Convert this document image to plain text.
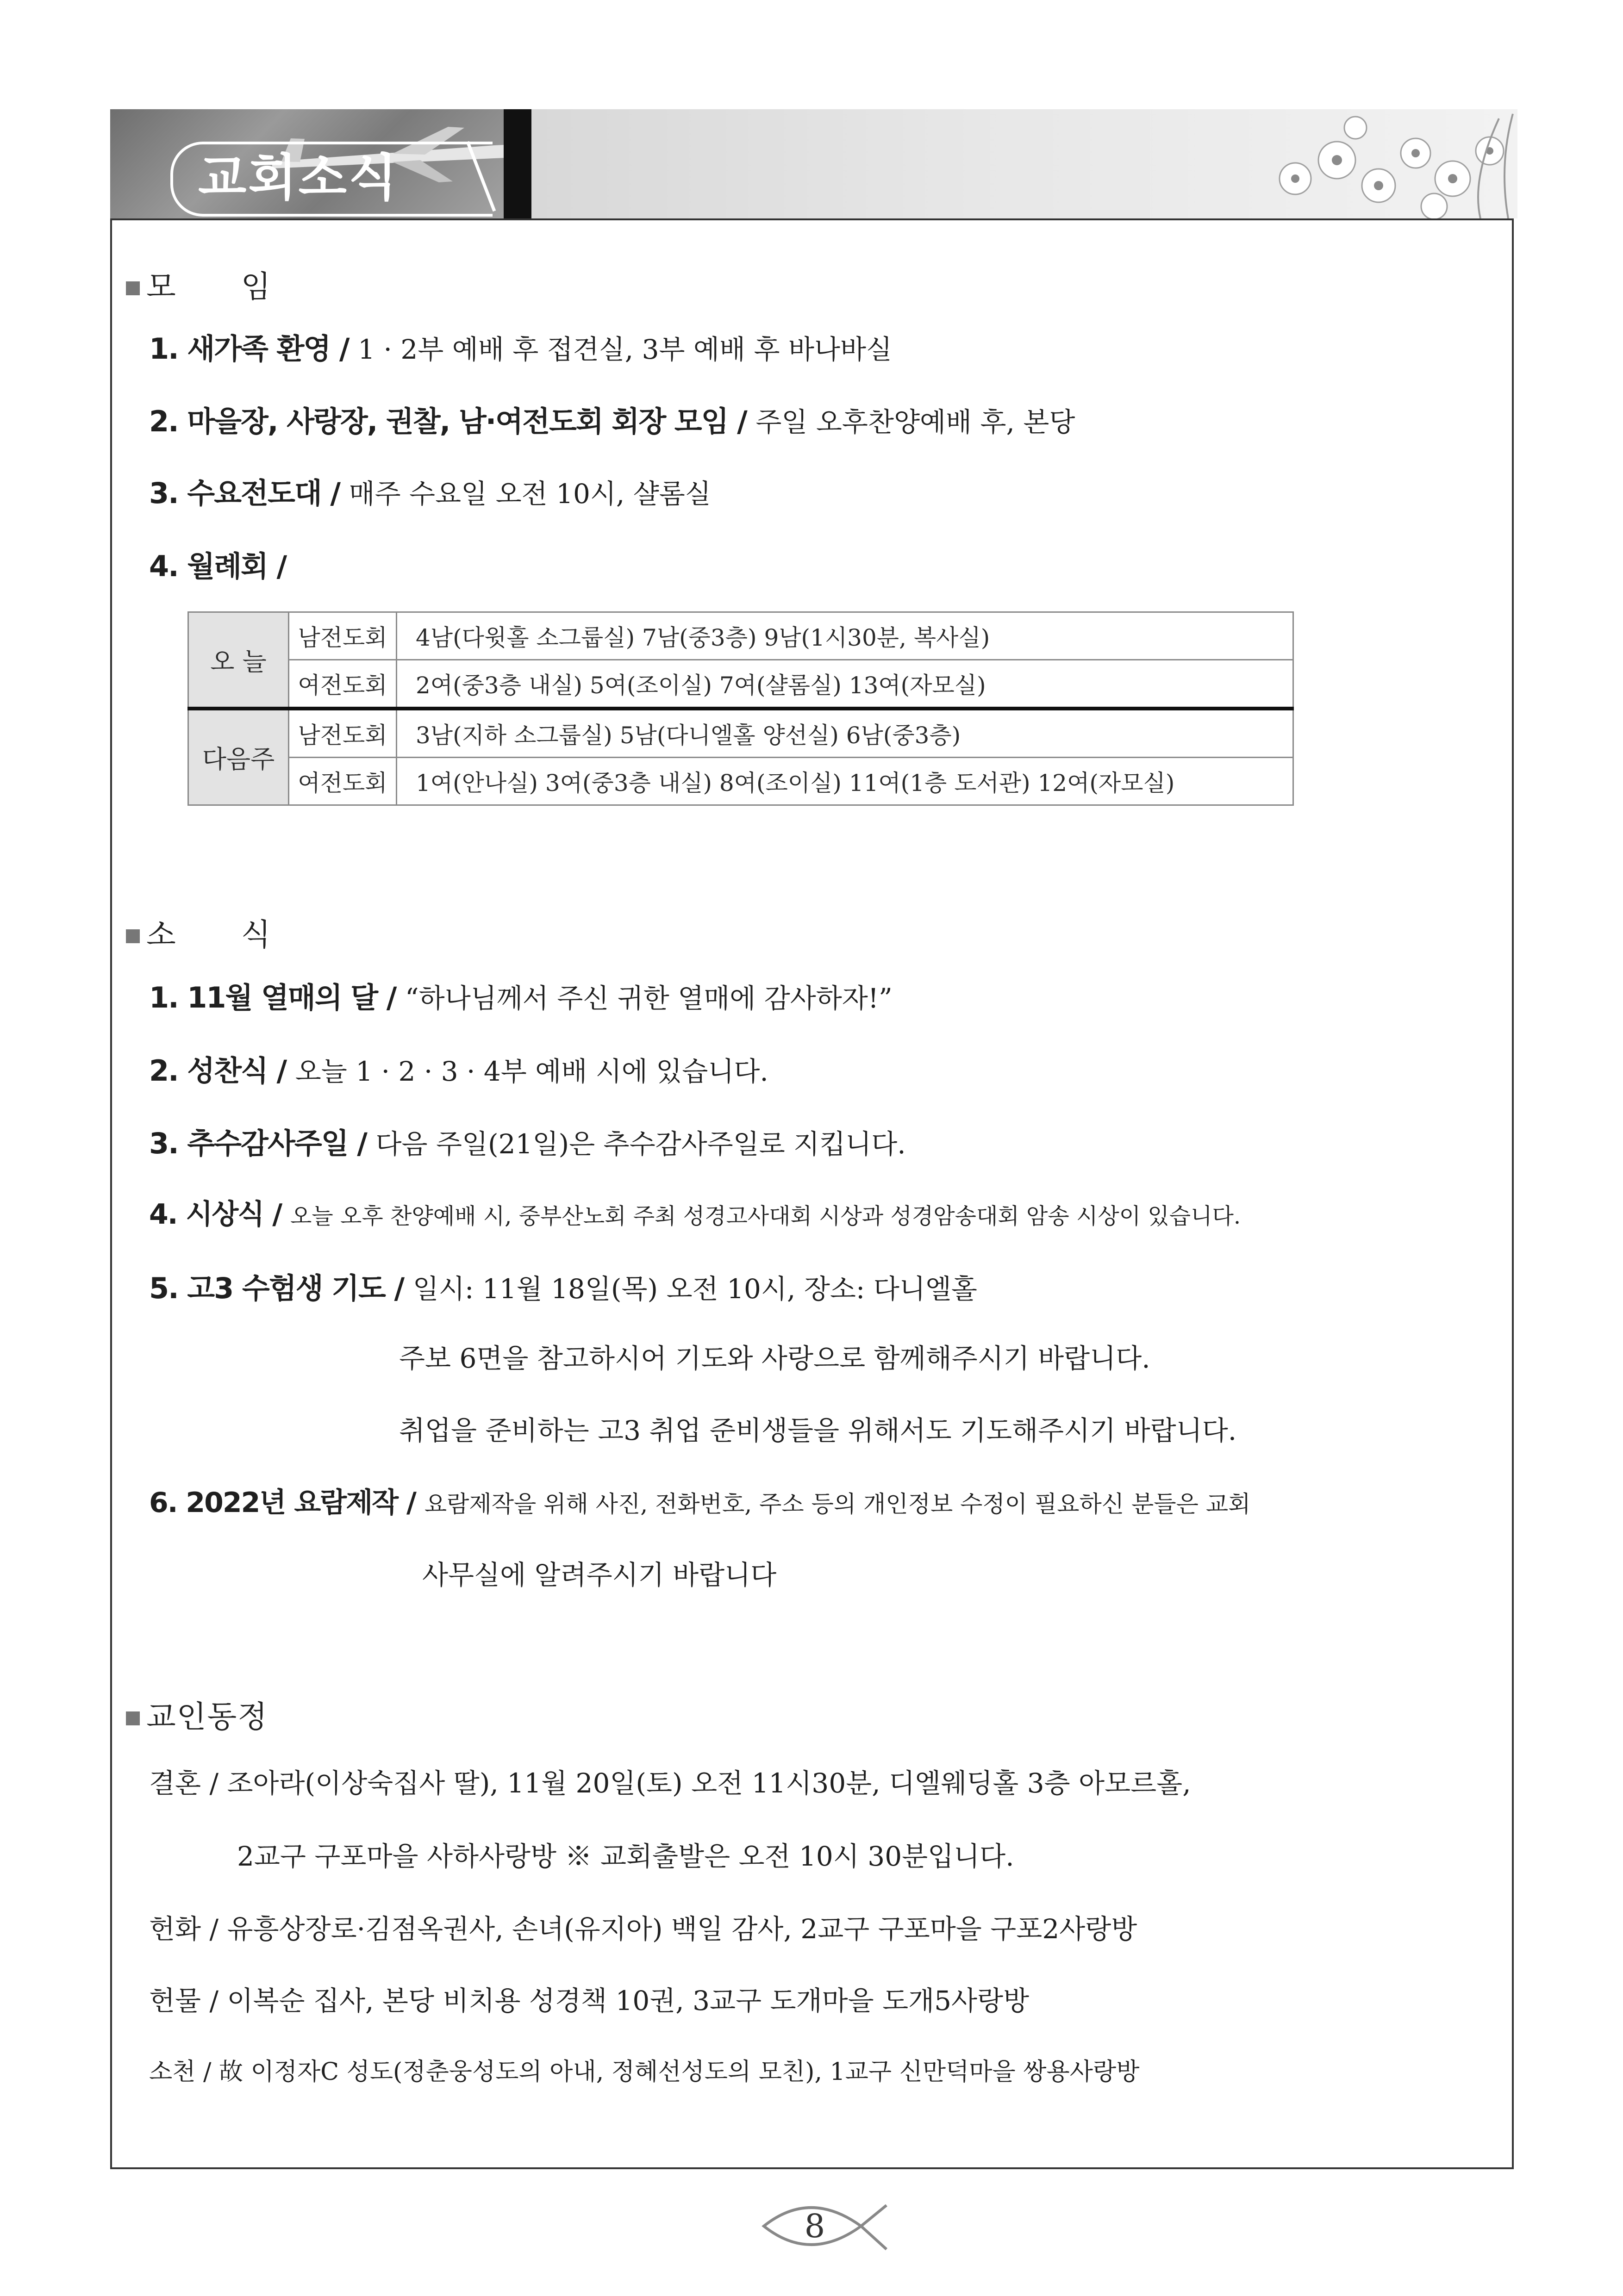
교회소식
모 임
1. 새가족 환영 / 1 · 2부 예배 후 접견실, 3부 예배 후 바나바실
2. 마을장, 사랑장, 권찰, 남·여전도회 회장 모임 / 주일 오후찬양예배 후, 본당
3. 수요전도대 / 매주 수요일 오전 10시, 샬롬실
4. 월례회 /
오 늘	남전도회	4남(다윗홀 소그룹실) 7남(중3층) 9남(1시30분, 복사실)
	여전도회	2여(중3층 내실) 5여(조이실) 7여(샬롬실) 13여(자모실)
다음주	남전도회	3남(지하 소그룹실) 5남(다니엘홀 양선실) 6남(중3층)
	여전도회	1여(안나실) 3여(중3층 내실) 8여(조이실) 11여(1층 도서관) 12여(자모실)
소 식
1. 11월 열매의 달 / “하나님께서 주신 귀한 열매에 감사하자!”
2. 성찬식 / 오늘 1 · 2 · 3 · 4부 예배 시에 있습니다.
3. 추수감사주일 / 다음 주일(21일)은 추수감사주일로 지킵니다.
4. 시상식 / 오늘 오후 찬양예배 시, 중부산노회 주최 성경고사대회 시상과 성경암송대회 암송 시상이 있습니다.
5. 고3 수험생 기도 / 일시: 11월 18일(목) 오전 10시, 장소: 다니엘홀
주보 6면을 참고하시어 기도와 사랑으로 함께해주시기 바랍니다.
취업을 준비하는 고3 취업 준비생들을 위해서도 기도해주시기 바랍니다.
6. 2022년 요람제작 / 요람제작을 위해 사진, 전화번호, 주소 등의 개인정보 수정이 필요하신 분들은 교회
사무실에 알려주시기 바랍니다
교인동정
결혼 / 조아라(이상숙집사 딸), 11월 20일(토) 오전 11시30분, 디엘웨딩홀 3층 아모르홀,
2교구 구포마을 사하사랑방 ※ 교회출발은 오전 10시 30분입니다.
헌화 / 유흥상장로·김점옥권사, 손녀(유지아) 백일 감사, 2교구 구포마을 구포2사랑방
헌물 / 이복순 집사, 본당 비치용 성경책 10권, 3교구 도개마을 도개5사랑방
소천 / 故 이정자C 성도(정춘웅성도의 아내, 정혜선성도의 모친), 1교구 신만덕마을 쌍용사랑방
8
